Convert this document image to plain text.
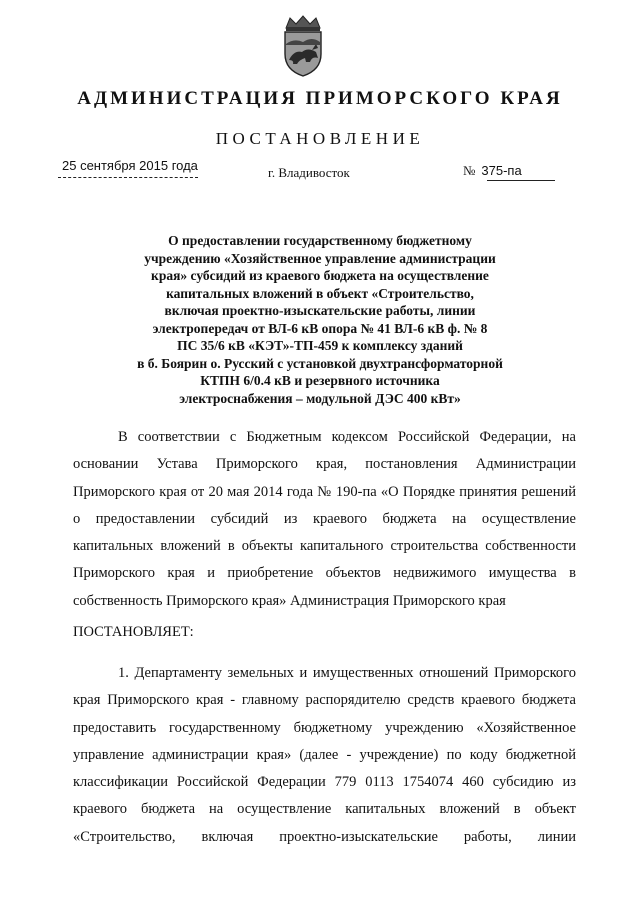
АДМИНИСТРАЦИЯ ПРИМОРСКОГО КРАЯ
ПОСТАНОВЛЕНИЕ
25 сентября 2015 года	г. Владивосток	№ 375-па
О предоставлении государственному бюджетному
учреждению «Хозяйственное управление администрации
края» субсидий из краевого бюджета на осуществление
капитальных вложений в объект «Строительство,
включая проектно-изыскательские работы, линии
электропередач от ВЛ-6 кВ опора № 41 ВЛ-6 кВ ф. № 8
ПС 35/6 кВ «КЭТ»-ТП-459 к комплексу зданий
в б. Боярин о. Русский с установкой двухтрансформаторной
КТПН 6/0.4 кВ и резервного источника
электроснабжения – модульной ДЭС 400 кВт»
В соответствии с Бюджетным кодексом Российской Федерации, на
основании Устава Приморского края, постановления Администрации
Приморского края от 20 мая 2014 года № 190-па «О Порядке принятия решений
о предоставлении субсидий из краевого бюджета на осуществление
капитальных вложений в объекты капитального строительства собственности
Приморского края и приобретение объектов недвижимого имущества в
собственность Приморского края» Администрация Приморского края
ПОСТАНОВЛЯЕТ:
1. Департаменту земельных и имущественных отношений Приморского
края Приморского края - главному распорядителю средств краевого бюджета
предоставить государственному бюджетному учреждению «Хозяйственное
управление администрации края» (далее - учреждение) по коду бюджетной
классификации Российской Федерации 779 0113 1754074 460 субсидию из
краевого бюджета на осуществление капитальных вложений в объект
«Строительство, включая проектно-изыскательские работы, линии
